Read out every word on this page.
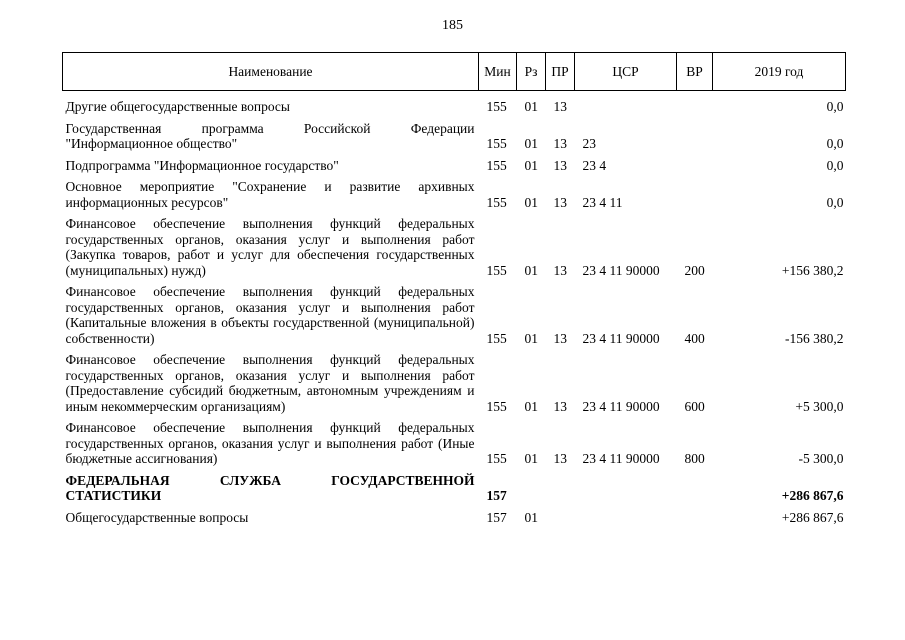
185
Наименование	Мин	Рз	ПР	ЦСР	ВР	2019 год
Другие общегосударственные вопросы	155	01	13			0,0
Государственная программа Российской Федерации "Информационное общество"	155	01	13	23		0,0
Подпрограмма "Информационное государство"	155	01	13	23 4		0,0
Основное мероприятие "Сохранение и развитие архивных информационных ресурсов"	155	01	13	23 4 11		0,0
Финансовое обеспечение выполнения функций федеральных государственных органов, оказания услуг и выполнения работ (Закупка товаров, работ и услуг для обеспечения государственных (муниципальных) нужд)	155	01	13	23 4 11 90000	200	+156 380,2
Финансовое обеспечение выполнения функций федеральных государственных органов, оказания услуг и выполнения работ (Капитальные вложения в объекты государственной (муниципальной) собственности)	155	01	13	23 4 11 90000	400	-156 380,2
Финансовое обеспечение выполнения функций федеральных государственных органов, оказания услуг и выполнения работ (Предоставление субсидий бюджетным, автономным учреждениям и иным некоммерческим организациям)	155	01	13	23 4 11 90000	600	+5 300,0
Финансовое обеспечение выполнения функций федеральных государственных органов, оказания услуг и выполнения работ (Иные бюджетные ассигнования)	155	01	13	23 4 11 90000	800	-5 300,0
ФЕДЕРАЛЬНАЯ СЛУЖБА ГОСУДАРСТВЕННОЙ СТАТИСТИКИ	157					+286 867,6
Общегосударственные вопросы	157	01				+286 867,6
